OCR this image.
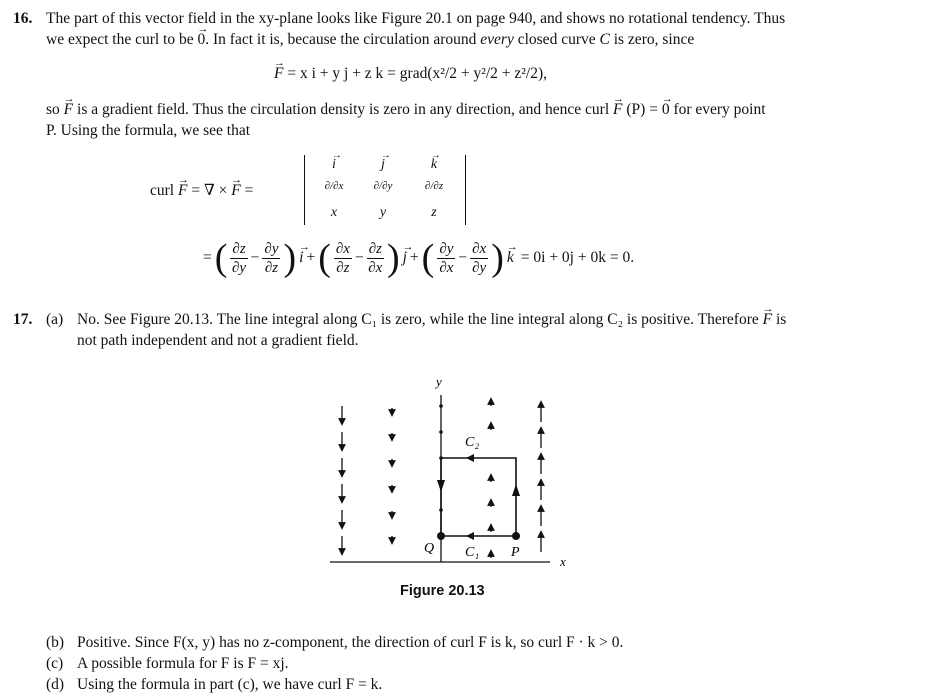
16. The part of this vector field in the xy-plane looks like Figure 20.1 on page 940, and shows no rotational tendency. Thus
we expect the curl to be 0 →. In fact it is, because the circulation around every closed curve C is zero, since
F → = x i + y j + z k = grad(x²/2 + y²/2 + z²/2),
so F → is a gradient field. Thus the circulation density is zero in any direction, and hence curl F → (P) = 0 → for every point
P. Using the formula, we see that
curl F → = ∇ × F → =
i →	j →	k →
∂/∂x	∂/∂y	∂/∂z
x	y	z
= ( ∂z
∂y
− $\frac{\partial y}{\partial z}$ ) i → + ( ∂x
∂z
− $\frac{\partial z}{\partial x}$ ) j → + ( ∂y
∂x
− $\frac{\partial x}{\partial y}$ ) k → = 0i + 0j + 0k = 0.
17. (a) No. See Figure 20.13. The line integral along C₁ is zero, while the line integral along C₂ is positive. Therefore F → is
not path independent and not a gradient field.
x
y
C₂
C₁
Q	P
Figure 20.13
(b) Positive. Since F(x, y) has no z-component, the direction of curl F is k, so curl F · k > 0.
(c) A possible formula for F is F = xj.
(d) Using the formula in part (c), we have curl F = k.
